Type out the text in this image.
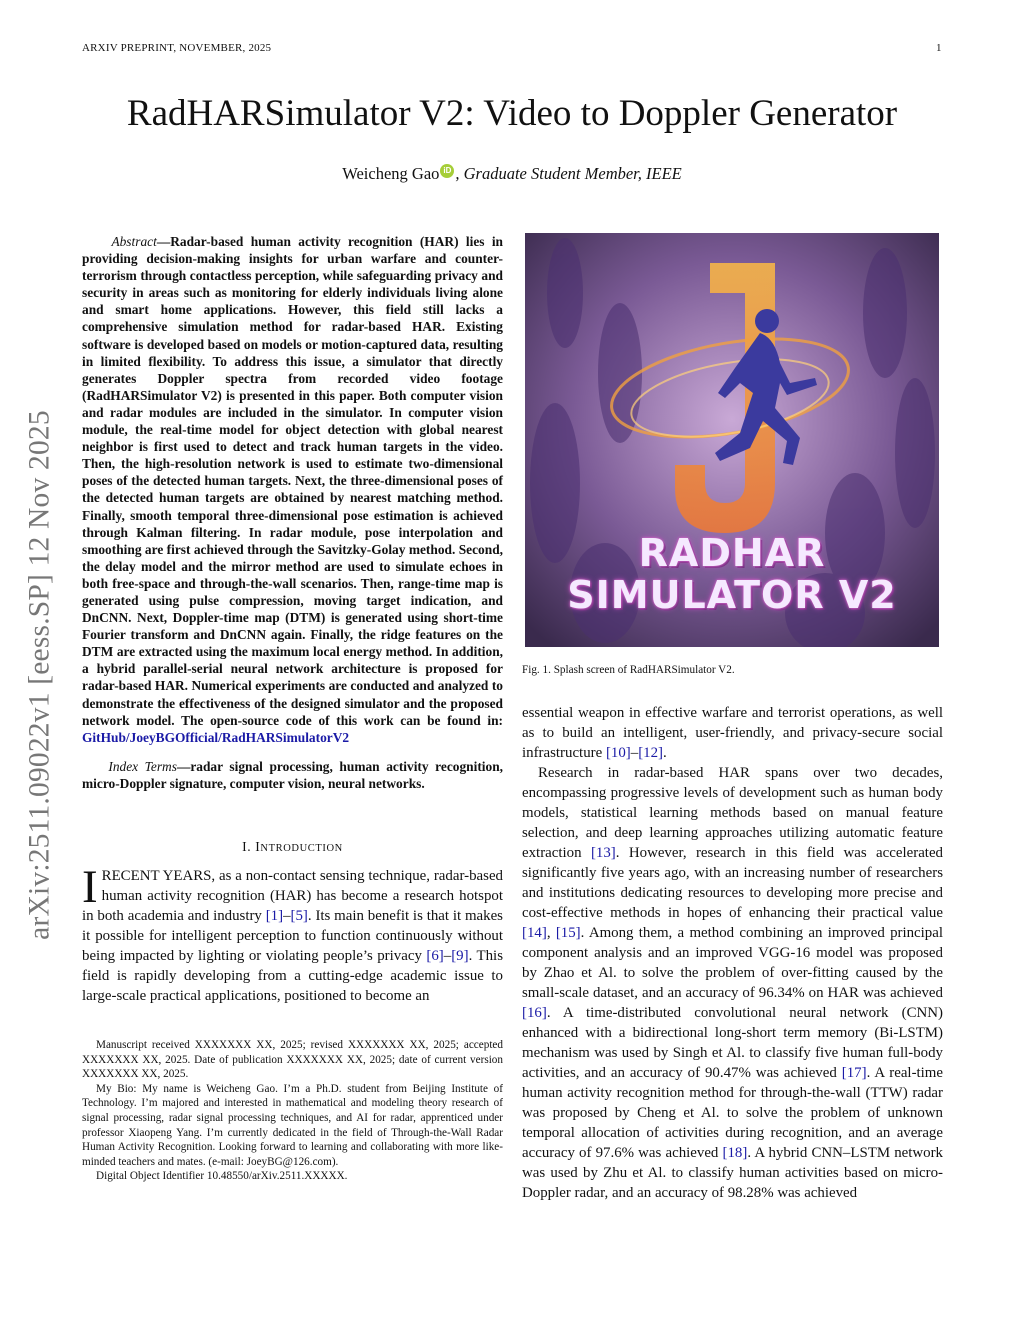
ARXIV PREPRINT, NOVEMBER, 2025	1
RadHARSimulator V2: Video to Doppler Generator
Weicheng Gao iD , Graduate Student Member, IEEE
arXiv:2511.09022v1 [eess.SP] 12 Nov 2025

Abstract—Radar-based human activity recognition (HAR) lies in providing decision-making insights for urban warfare and counter-terrorism through contactless perception, while safeguarding privacy and security in areas such as monitoring for elderly individuals living alone and smart home applications. However, this field still lacks a comprehensive simulation method for radar-based HAR. Existing software is developed based on models or motion-captured data, resulting in limited flexibility. To address this issue, a simulator that directly generates Doppler spectra from recorded video footage (RadHARSimulator V2) is presented in this paper. Both computer vision and radar modules are included in the simulator. In computer vision module, the real-time model for object detection with global nearest neighbor is first used to detect and track human targets in the video. Then, the high-resolution network is used to estimate two-dimensional poses of the detected human targets. Next, the three-dimensional poses of the detected human targets are obtained by nearest matching method. Finally, smooth temporal three-dimensional pose estimation is achieved through Kalman filtering. In radar module, pose interpolation and smoothing are first achieved through the Savitzky-Golay method. Second, the delay model and the mirror method are used to simulate echoes in both free-space and through-the-wall scenarios. Then, range-time map is generated using pulse compression, moving target indication, and DnCNN. Next, Doppler-time map (DTM) is generated using short-time Fourier transform and DnCNN again. Finally, the ridge features on the DTM are extracted using the maximum local energy method. In addition, a hybrid parallel-serial neural network architecture is proposed for radar-based HAR. Numerical experiments are conducted and analyzed to demonstrate the effectiveness of the designed simulator and the proposed network model. The open-source code of this work can be found in: GitHub/JoeyBGOfficial/RadHARSimulatorV2

Index Terms—radar signal processing, human activity recognition, micro-Doppler signature, computer vision, neural networks.

I. INTRODUCTION

I RECENT YEARS, as a non-contact sensing technique, radar-based human activity recognition (HAR) has become a research hotspot in both academia and industry [1]–[5]. Its main benefit is that it makes it possible for intelligent perception to function continuously without being impacted by lighting or violating people’s privacy [6]–[9]. This field is rapidly developing from a cutting-edge academic issue to large-scale practical applications, positioned to become an

Manuscript received XXXXXXX XX, 2025; revised XXXXXXX XX, 2025; accepted XXXXXXX XX, 2025. Date of publication XXXXXXX XX, 2025; date of current version XXXXXXX XX, 2025.

My Bio: My name is Weicheng Gao. I’m a Ph.D. student from Beijing Institute of Technology. I’m majored and interested in mathematical and modeling theory research of signal processing, radar signal processing techniques, and AI for radar, apprenticed under professor Xiaopeng Yang. I’m currently dedicated in the field of Through-the-Wall Radar Human Activity Recognition. Looking forward to learning and collaborating with more like-minded teachers and mates. (e-mail: JoeyBG@126.com).

Digital Object Identifier 10.48550/arXiv.2511.XXXXX.

RADHAR
SIMULATOR V2
Fig. 1. Splash screen of RadHARSimulator V2.

essential weapon in effective warfare and terrorist operations, as well as to build an intelligent, user-friendly, and privacy-secure social infrastructure [10]–[12].

Research in radar-based HAR spans over two decades, encompassing progressive levels of development such as human body models, statistical learning methods based on manual feature selection, and deep learning approaches utilizing automatic feature extraction [13]. However, research in this field was accelerated significantly five years ago, with an increasing number of researchers and institutions dedicating resources to developing more precise and cost-effective methods in hopes of enhancing their practical value [14], [15]. Among them, a method combining an improved principal component analysis and an improved VGG-16 model was proposed by Zhao et Al. to solve the problem of over-fitting caused by the small-scale dataset, and an accuracy of 96.34% on HAR was achieved [16]. A time-distributed convolutional neural network (CNN) enhanced with a bidirectional long-short term memory (Bi-LSTM) mechanism was used by Singh et Al. to classify five human full-body activities, and an accuracy of 90.47% was achieved [17]. A real-time human activity recognition method for through-the-wall (TTW) radar was proposed by Cheng et Al. to solve the problem of unknown temporal allocation of activities during recognition, and an average accuracy of 97.6% was achieved [18]. A hybrid CNN–LSTM network was used by Zhu et Al. to classify human activities based on micro-Doppler radar, and an accuracy of 98.28% was achieved
